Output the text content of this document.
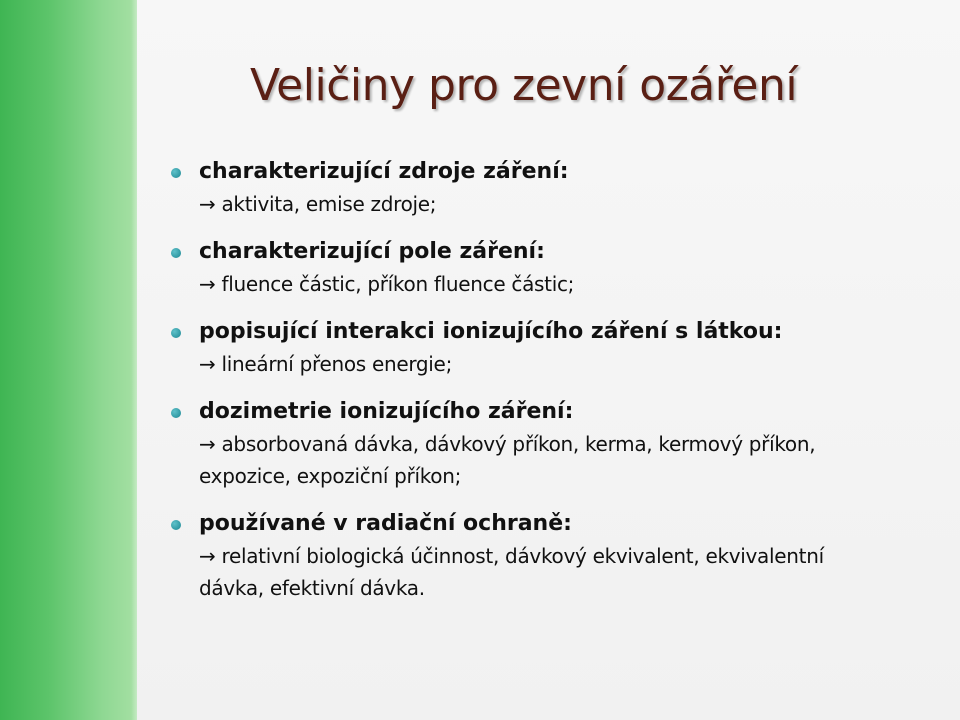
Veličiny pro zevní ozáření
charakterizující zdroje záření:
→ aktivita, emise zdroje;
charakterizující pole záření:
→ fluence částic, příkon fluence částic;
popisující interakci ionizujícího záření s látkou:
→ lineární přenos energie;
dozimetrie ionizujícího záření:
→ absorbovaná dávka, dávkový příkon, kerma, kermový příkon, expozice, expoziční příkon;
používané v radiační ochraně:
→ relativní biologická účinnost, dávkový ekvivalent, ekvivalentní dávka, efektivní dávka.
